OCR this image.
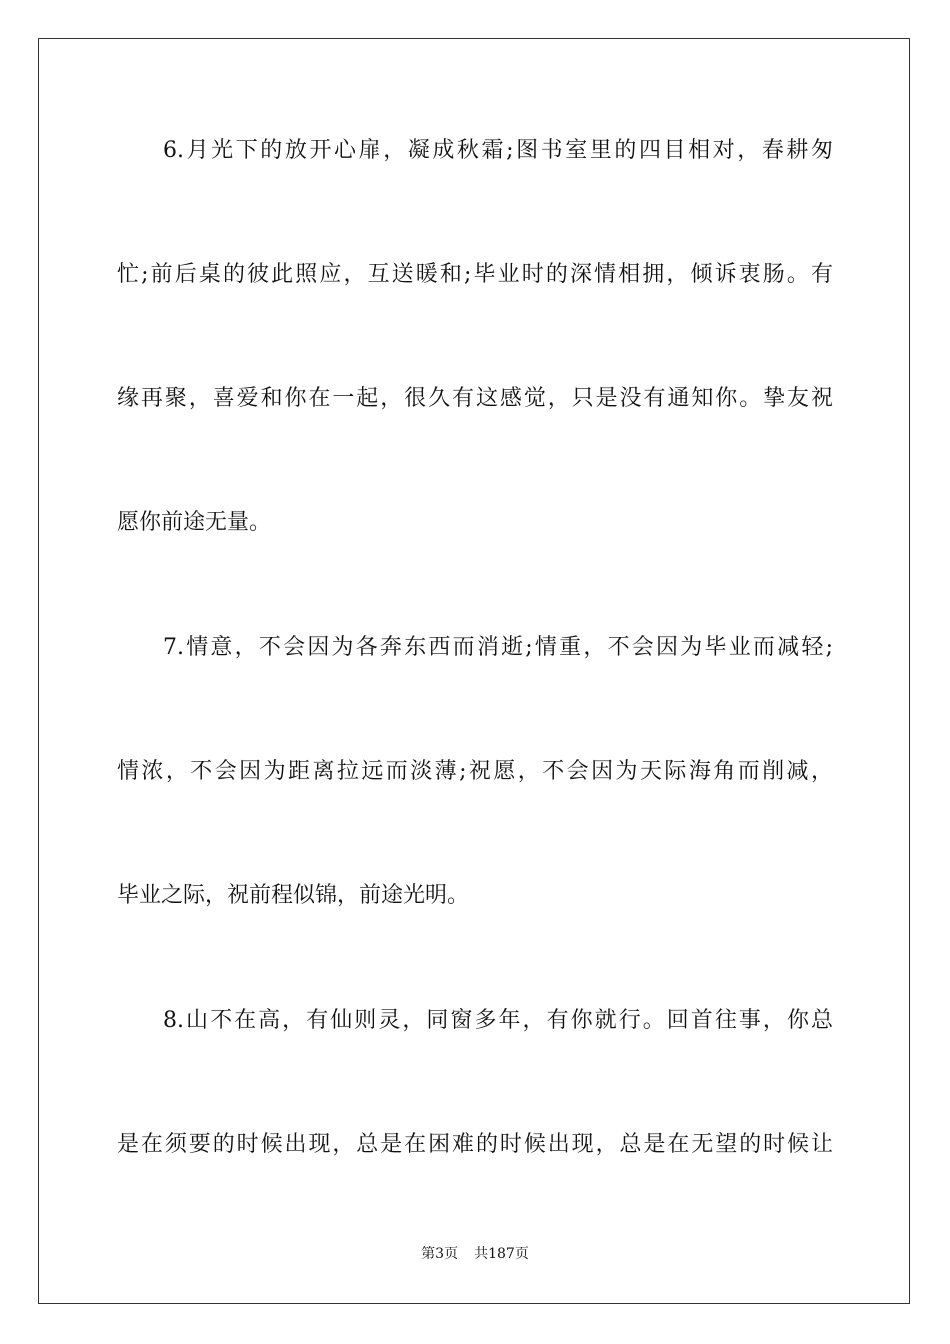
6.月光下的放开心扉，凝成秋霜;图书室里的四目相对，春耕匆
忙;前后桌的彼此照应，互送暖和;毕业时的深情相拥，倾诉衷肠。有
缘再聚，喜爱和你在一起，很久有这感觉，只是没有通知你。挚友祝
愿你前途无量。
7.情意，不会因为各奔东西而消逝;情重，不会因为毕业而减轻;
情浓，不会因为距离拉远而淡薄;祝愿，不会因为天际海角而削减，
毕业之际，祝前程似锦，前途光明。
8.山不在高，有仙则灵，同窗多年，有你就行。回首往事，你总
是在须要的时候出现，总是在困难的时候出现，总是在无望的时候让
第3页 共187页
